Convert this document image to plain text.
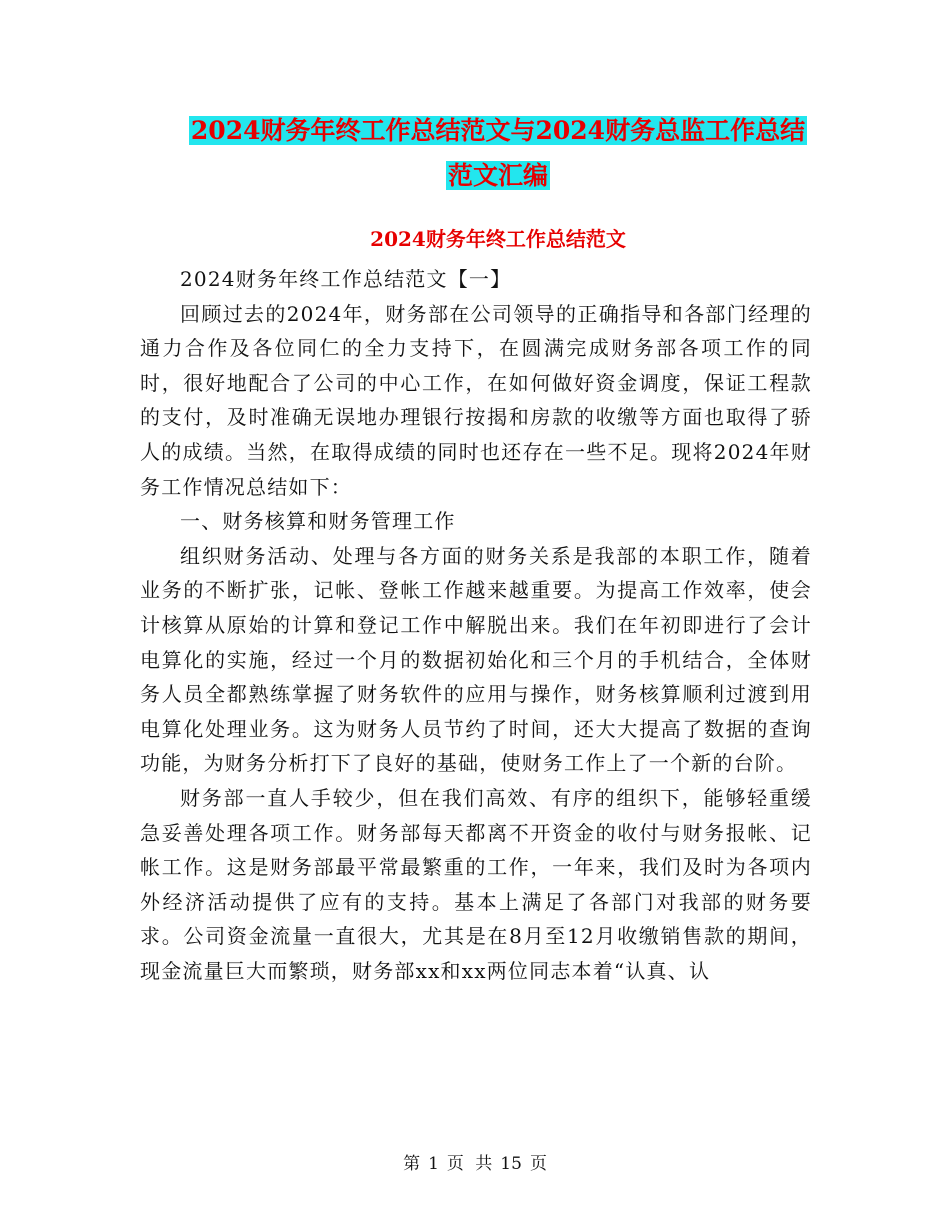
2024财务年终工作总结范文与2024财务总监工作总结
范文汇编
2024财务年终工作总结范文

2024财务年终工作总结范文【一】

回顾过去的2024年，财务部在公司领导的正确指导和各部门经理的通力合作及各位同仁的全力支持下，在圆满完成财务部各项工作的同时，很好地配合了公司的中心工作，在如何做好资金调度，保证工程款的支付，及时准确无误地办理银行按揭和房款的收缴等方面也取得了骄人的成绩。当然，在取得成绩的同时也还存在一些不足。现将2024年财务工作情况总结如下：

一、财务核算和财务管理工作

组织财务活动、处理与各方面的财务关系是我部的本职工作，随着业务的不断扩张，记帐、登帐工作越来越重要。为提高工作效率，使会计核算从原始的计算和登记工作中解脱出来。我们在年初即进行了会计电算化的实施，经过一个月的数据初始化和三个月的手机结合，全体财务人员全都熟练掌握了财务软件的应用与操作，财务核算顺利过渡到用电算化处理业务。这为财务人员节约了时间，还大大提高了数据的查询功能，为财务分析打下了良好的基础，使财务工作上了一个新的台阶。

财务部一直人手较少，但在我们高效、有序的组织下，能够轻重缓急妥善处理各项工作。财务部每天都离不开资金的收付与财务报帐、记帐工作。这是财务部最平常最繁重的工作，一年来，我们及时为各项内外经济活动提供了应有的支持。基本上满足了各部门对我部的财务要求。公司资金流量一直很大，尤其是在8月至12月收缴销售款的期间，现金流量巨大而繁琐，财务部xx和xx两位同志本着“认真、认

第 1 页 共 15 页
